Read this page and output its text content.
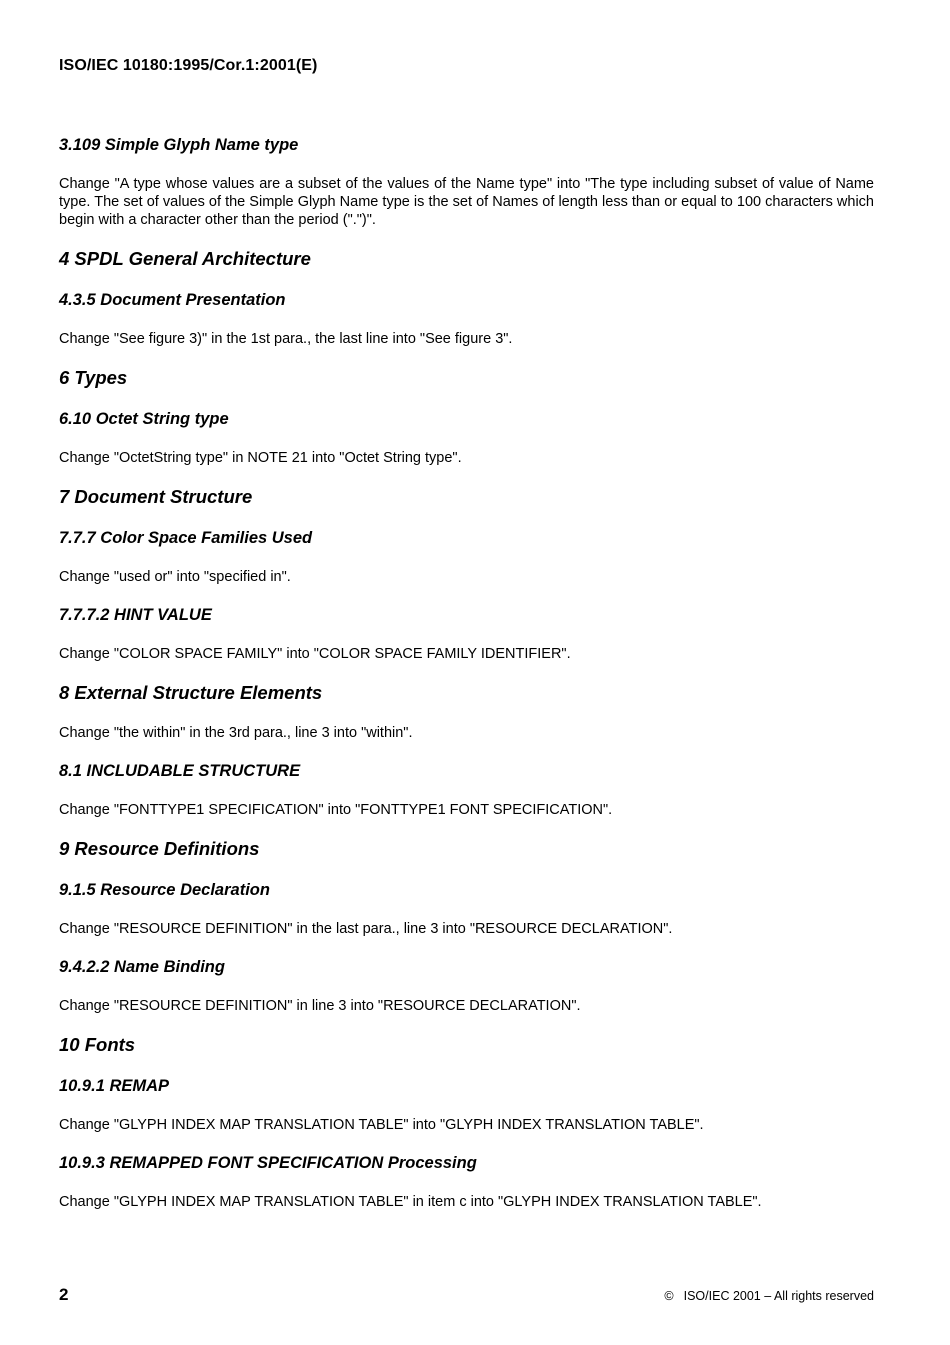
ISO/IEC 10180:1995/Cor.1:2001(E)
3.109 Simple Glyph Name type
Change "A type whose values are a subset of the values of the Name type" into "The type including subset of value of Name type. The set of values of the Simple Glyph Name type is the set of Names of length less than or equal to 100 characters which begin with a character other than the period (".")".
4 SPDL General Architecture
4.3.5 Document Presentation
Change "See figure 3)" in the 1st para., the last line into "See figure 3".
6 Types
6.10 Octet String type
Change "OctetString type" in NOTE 21 into "Octet String type".
7 Document Structure
7.7.7 Color Space Families Used
Change "used or" into "specified in".
7.7.7.2 HINT VALUE
Change "COLOR SPACE FAMILY" into "COLOR SPACE FAMILY IDENTIFIER".
8 External Structure Elements
Change "the within" in the 3rd para., line 3 into "within".
8.1 INCLUDABLE STRUCTURE
Change "FONTTYPE1 SPECIFICATION" into "FONTTYPE1 FONT SPECIFICATION".
9 Resource Definitions
9.1.5 Resource Declaration
Change "RESOURCE DEFINITION" in the last para., line 3 into "RESOURCE DECLARATION".
9.4.2.2 Name Binding
Change "RESOURCE DEFINITION" in line 3 into "RESOURCE DECLARATION".
10 Fonts
10.9.1 REMAP
Change "GLYPH INDEX MAP TRANSLATION TABLE" into "GLYPH INDEX TRANSLATION TABLE".
10.9.3 REMAPPED FONT SPECIFICATION Processing
Change "GLYPH INDEX MAP TRANSLATION TABLE" in item c into "GLYPH INDEX TRANSLATION TABLE".
2	© ISO/IEC 2001 – All rights reserved
